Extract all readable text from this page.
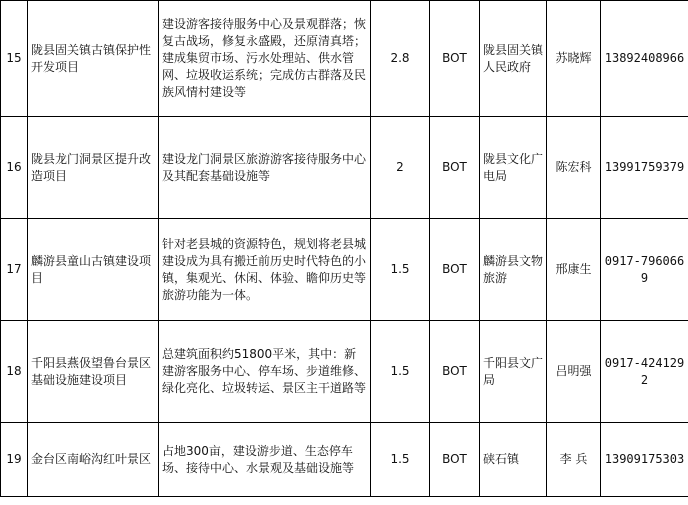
15	陇县固关镇古镇保护性开发项目	建设游客接待服务中心及景观群落；恢复古战场，修复永盛殿，还原清真塔；建成集贸市场、污水处理站、供水管网、垃圾收运系统；完成仿古群落及民族风情村建设等	2.8	BOT	陇县固关镇人民政府	苏晓辉	13892408966
16	陇县龙门洞景区提升改造项目	建设龙门洞景区旅游游客接待服务中心及其配套基础设施等	2	BOT	陇县文化广电局	陈宏科	13991759379
17	麟游县童山古镇建设项目	针对老县城的资源特色，规划将老县城建设成为具有搬迁前历史时代特色的小镇，集观光、休闲、体验、瞻仰历史等旅游功能为一体。	1.5	BOT	麟游县文物旅游	邢康生	0917-7960669
18	千阳县燕伋望鲁台景区基础设施建设项目	总建筑面积约51800平米，其中：新建游客服务中心、停车场、步道维修、绿化亮化、垃圾转运、景区主干道路等	1.5	BOT	千阳县文广局	吕明强	0917-4241292
19	金台区南峪沟红叶景区	占地300亩，建设游步道、生态停车场、接待中心、水景观及基础设施等	1.5	BOT	硖石镇	李 兵	13909175303
